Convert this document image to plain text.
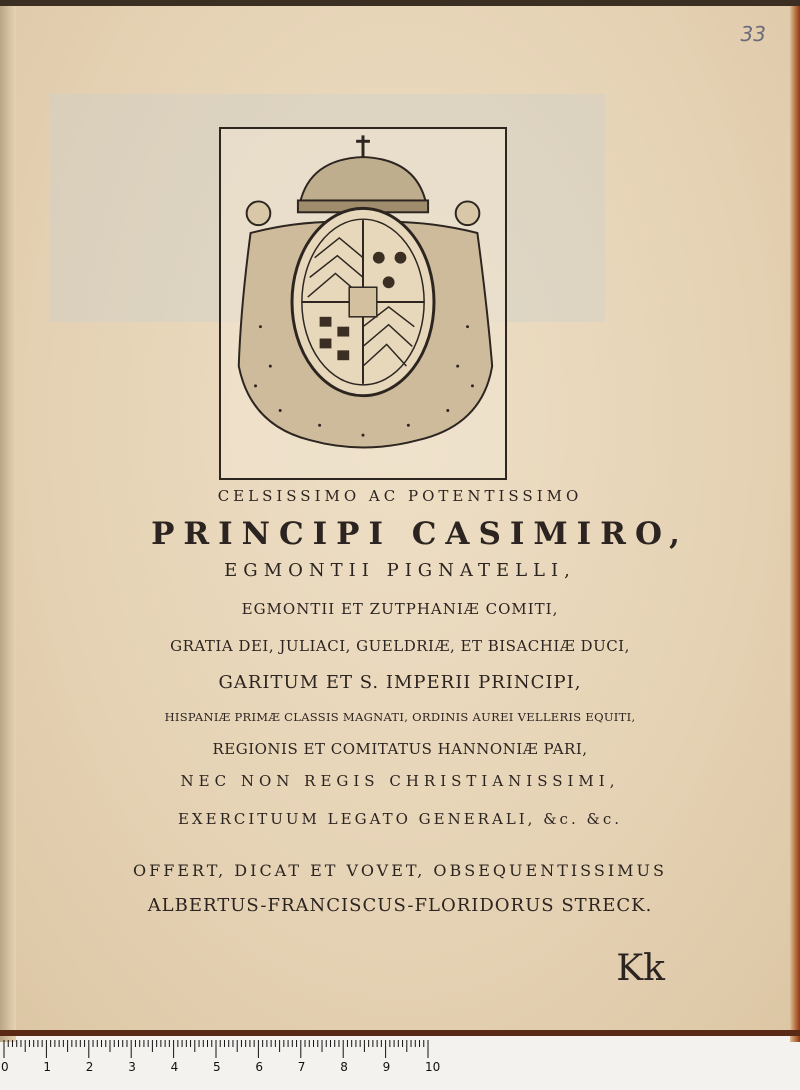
33
CELSISSIMO AC POTENTISSIMO
PRINCIPI CASIMIRO,
EGMONTII PIGNATELLI,
EGMONTII ET ZUTPHANIÆ COMITI,
GRATIA DEI, JULIACI, GUELDRIÆ, ET BISACHIÆ DUCI,
GARITUM ET S. IMPERII PRINCIPI,
HISPANIÆ PRIMÆ CLASSIS MAGNATI, ORDINIS AUREI VELLERIS EQUITI,
REGIONIS ET COMITATUS HANNONIÆ PARI,
NEC NON REGIS CHRISTIANISSIMI,
EXERCITUUM LEGATO GENERALI, &c. &c.
OFFERT, DICAT ET VOVET, OBSEQUENTISSIMUS
ALBERTUS-FRANCISCUS-FLORIDORUS STRECK.
Kk
0	1	2	3	4	5	6	7	8	9	10
